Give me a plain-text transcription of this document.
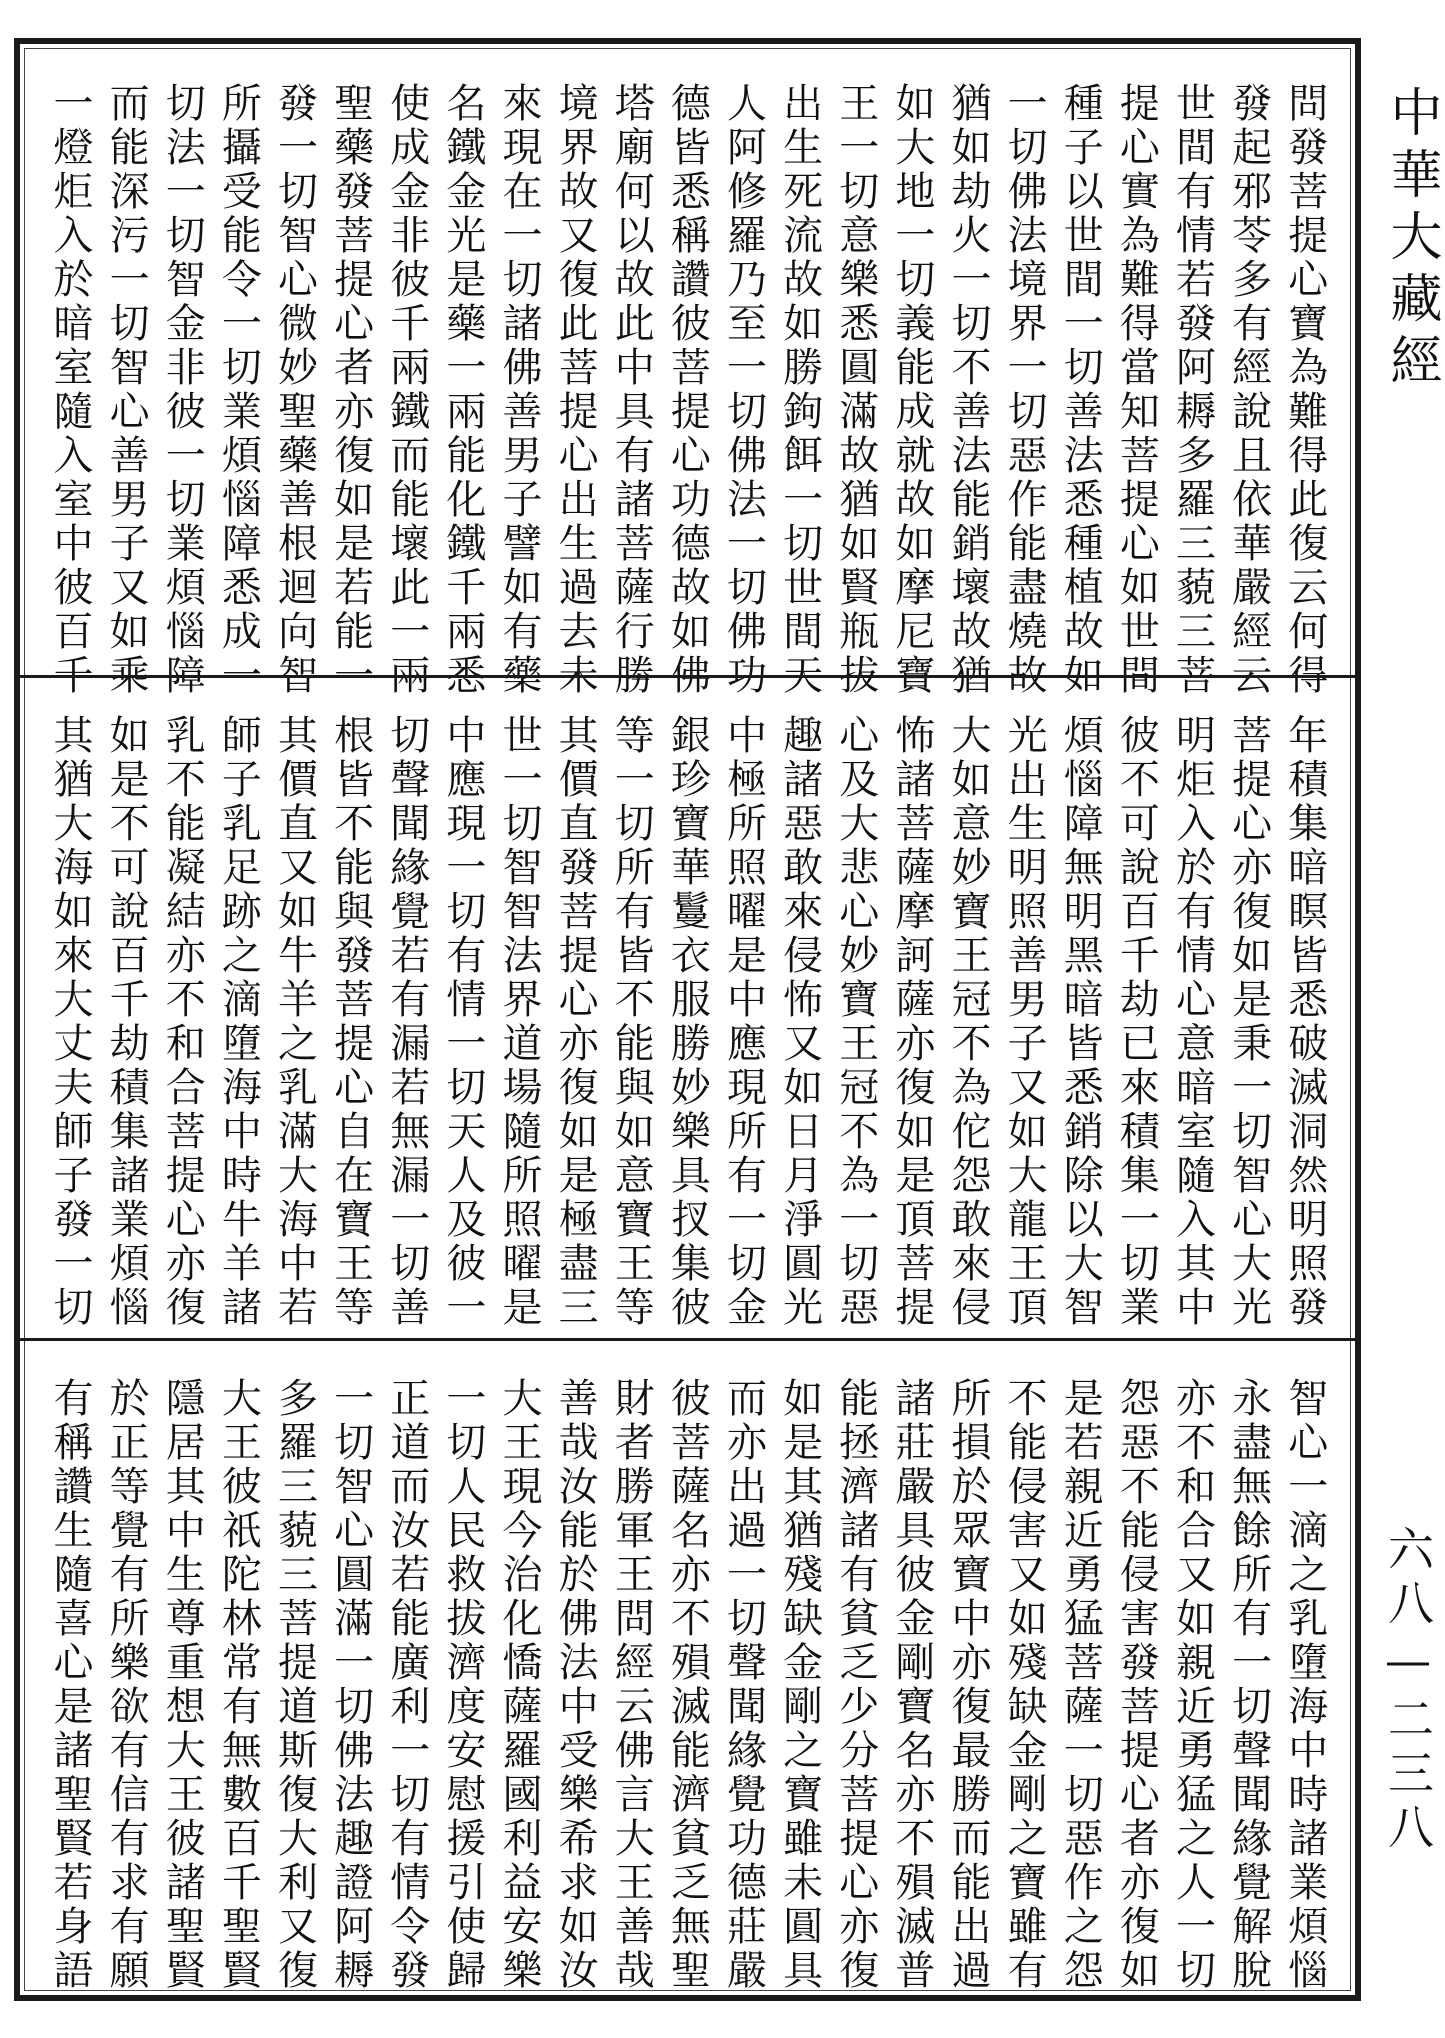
問發菩提心寶為難得此復云何得
發起邪苓多有經說且依華嚴經云
世間有情若發阿耨多羅三藐三菩
提心實為難得當知菩提心如世間
種子以世間一切善法悉種植故如
一切佛法境界一切惡作能盡燒故
猶如劫火一切不善法能銷壞故猶
如大地一切義能成就故如摩尼寶
王一切意樂悉圓滿故猶如賢瓶拔
出生死流故如勝鉤餌一切世間天
人阿修羅乃至一切佛法一切佛功
德皆悉稱讚彼菩提心功德故如佛
塔廟何以故此中具有諸菩薩行勝
境界故又復此菩提心出生過去未
來現在一切諸佛善男子譬如有藥
名鐵金光是藥一兩能化鐵千兩悉
使成金非彼千兩鐵而能壞此一兩
聖藥發菩提心者亦復如是若能一
發一切智心微妙聖藥善根迴向智
所攝受能令一切業煩惱障悉成一
切法一切智金非彼一切業煩惱障
而能深污一切智心善男子又如乘
一燈炬入於暗室隨入室中彼百千
年積集暗瞑皆悉破滅洞然明照發
菩提心亦復如是秉一切智心大光
明炬入於有情心意暗室隨入其中
彼不可說百千劫已來積集一切業
煩惱障無明黑暗皆悉銷除以大智
光出生明照善男子又如大龍王頂
大如意妙寶王冠不為佗怨敢來侵
怖諸菩薩摩訶薩亦復如是頂菩提
心及大悲心妙寶王冠不為一切惡
趣諸惡敢來侵怖又如日月淨圓光
中極所照曜是中應現所有一切金
銀珍寶華鬘衣服勝妙樂具扠集彼
等一切所有皆不能與如意寶王等
其價直發菩提心亦復如是極盡三
世一切智智法界道場隨所照曜是
中應現一切有情一切天人及彼一
切聲聞緣覺若有漏若無漏一切善
根皆不能與發菩提心自在寶王等
其價直又如牛羊之乳滿大海中若
師子乳足跡之滴墮海中時牛羊諸
乳不能凝結亦不和合菩提心亦復
如是不可說百千劫積集諸業煩惱
其猶大海如來大丈夫師子發一切
智心一滴之乳墮海中時諸業煩惱
永盡無餘所有一切聲聞緣覺解脫
亦不和合又如親近勇猛之人一切
怨惡不能侵害發菩提心者亦復如
是若親近勇猛菩薩一切惡作之怨
不能侵害又如殘缺金剛之寶雖有
所損於眾寶中亦復最勝而能出過
諸莊嚴具彼金剛寶名亦不殞滅普
能拯濟諸有貧乏少分菩提心亦復
如是其猶殘缺金剛之寶雖未圓具
而亦出過一切聲聞緣覺功德莊嚴
彼菩薩名亦不殞滅能濟貧乏無聖
財者勝軍王問經云佛言大王善哉
善哉汝能於佛法中受樂希求如汝
大王現今治化憍薩羅國利益安樂
一切人民救拔濟度安慰援引使歸
正道而汝若能廣利一切有情令發
一切智心圓滿一切佛法趣證阿耨
多羅三藐三菩提道斯復大利又復
大王彼祇陀林常有無數百千聖賢
隱居其中生尊重想大王彼諸聖賢
於正等覺有所樂欲有信有求有願
有稱讚生隨喜心是諸聖賢若身語
中華大藏經
六八—二三八
